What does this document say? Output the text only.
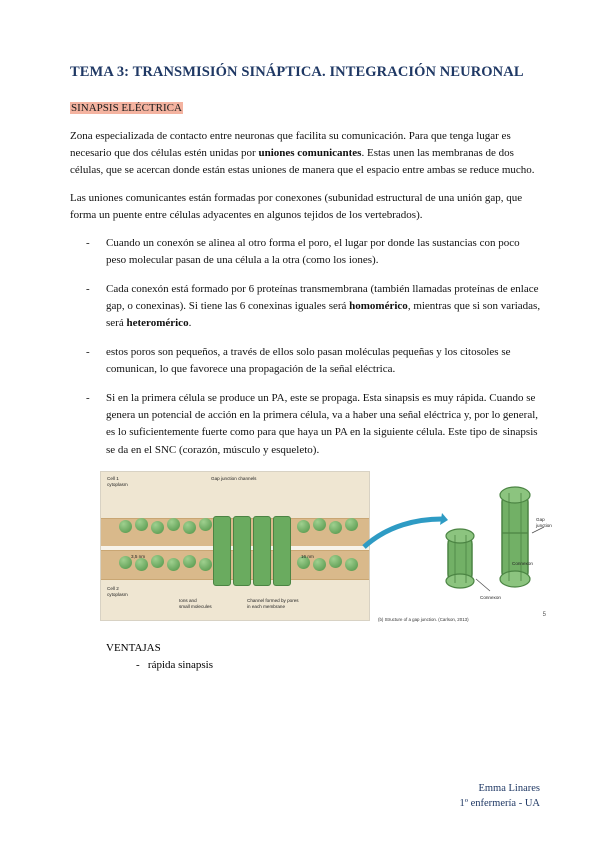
TEMA 3: TRANSMISIÓN SINÁPTICA. INTEGRACIÓN NEURONAL

SINAPSIS ELÉCTRICA

Zona especializada de contacto entre neuronas que facilita su comunicación. Para que tenga lugar es necesario que dos células estén unidas por uniones comunicantes. Estas unen las membranas de dos células, que se acercan donde están estas uniones de manera que el espacio entre ambas se reduce mucho.

Las uniones comunicantes están formadas por conexones (subunidad estructural de una unión gap, que forma un puente entre células adyacentes en algunos tejidos de los vertebrados).

- Cuando un conexón se alinea al otro forma el poro, el lugar por donde las sustancias con poco peso molecular pasan de una célula a la otra (como los iones).
- Cada conexón está formado por 6 proteínas transmembrana (también llamadas proteínas de enlace gap, o conexinas). Si tiene las 6 conexinas iguales será homomérico, mientras que si son variadas, será heteromérico.
- estos poros son pequeños, a través de ellos solo pasan moléculas pequeñas y los citosoles se comunican, lo que favorece una propagación de la señal eléctrica.
- Si en la primera célula se produce un PA, este se propaga. Esta sinapsis es muy rápida. Cuando se genera un potencial de acción en la primera célula, va a haber una señal eléctrica y, por lo general, es lo suficientemente fuerte como para que haya un PA en la siguiente célula. Este tipo de sinapsis se da en el SNC (corazón, músculo y esqueleto).
Cell 1
cytoplasm
Gap junction channels
3,5 nm	16 nm
Cell 2
cytoplasm
Ions and
small molecules
Channel formed by pores
in each membrane
Gap
junction
Connexon
Connexon
(b) Structure of a gap junction. (Carlson, 2013)
5
VENTAJAS
-   rápida sinapsis
Emma Linares
1º enfermería - UA
